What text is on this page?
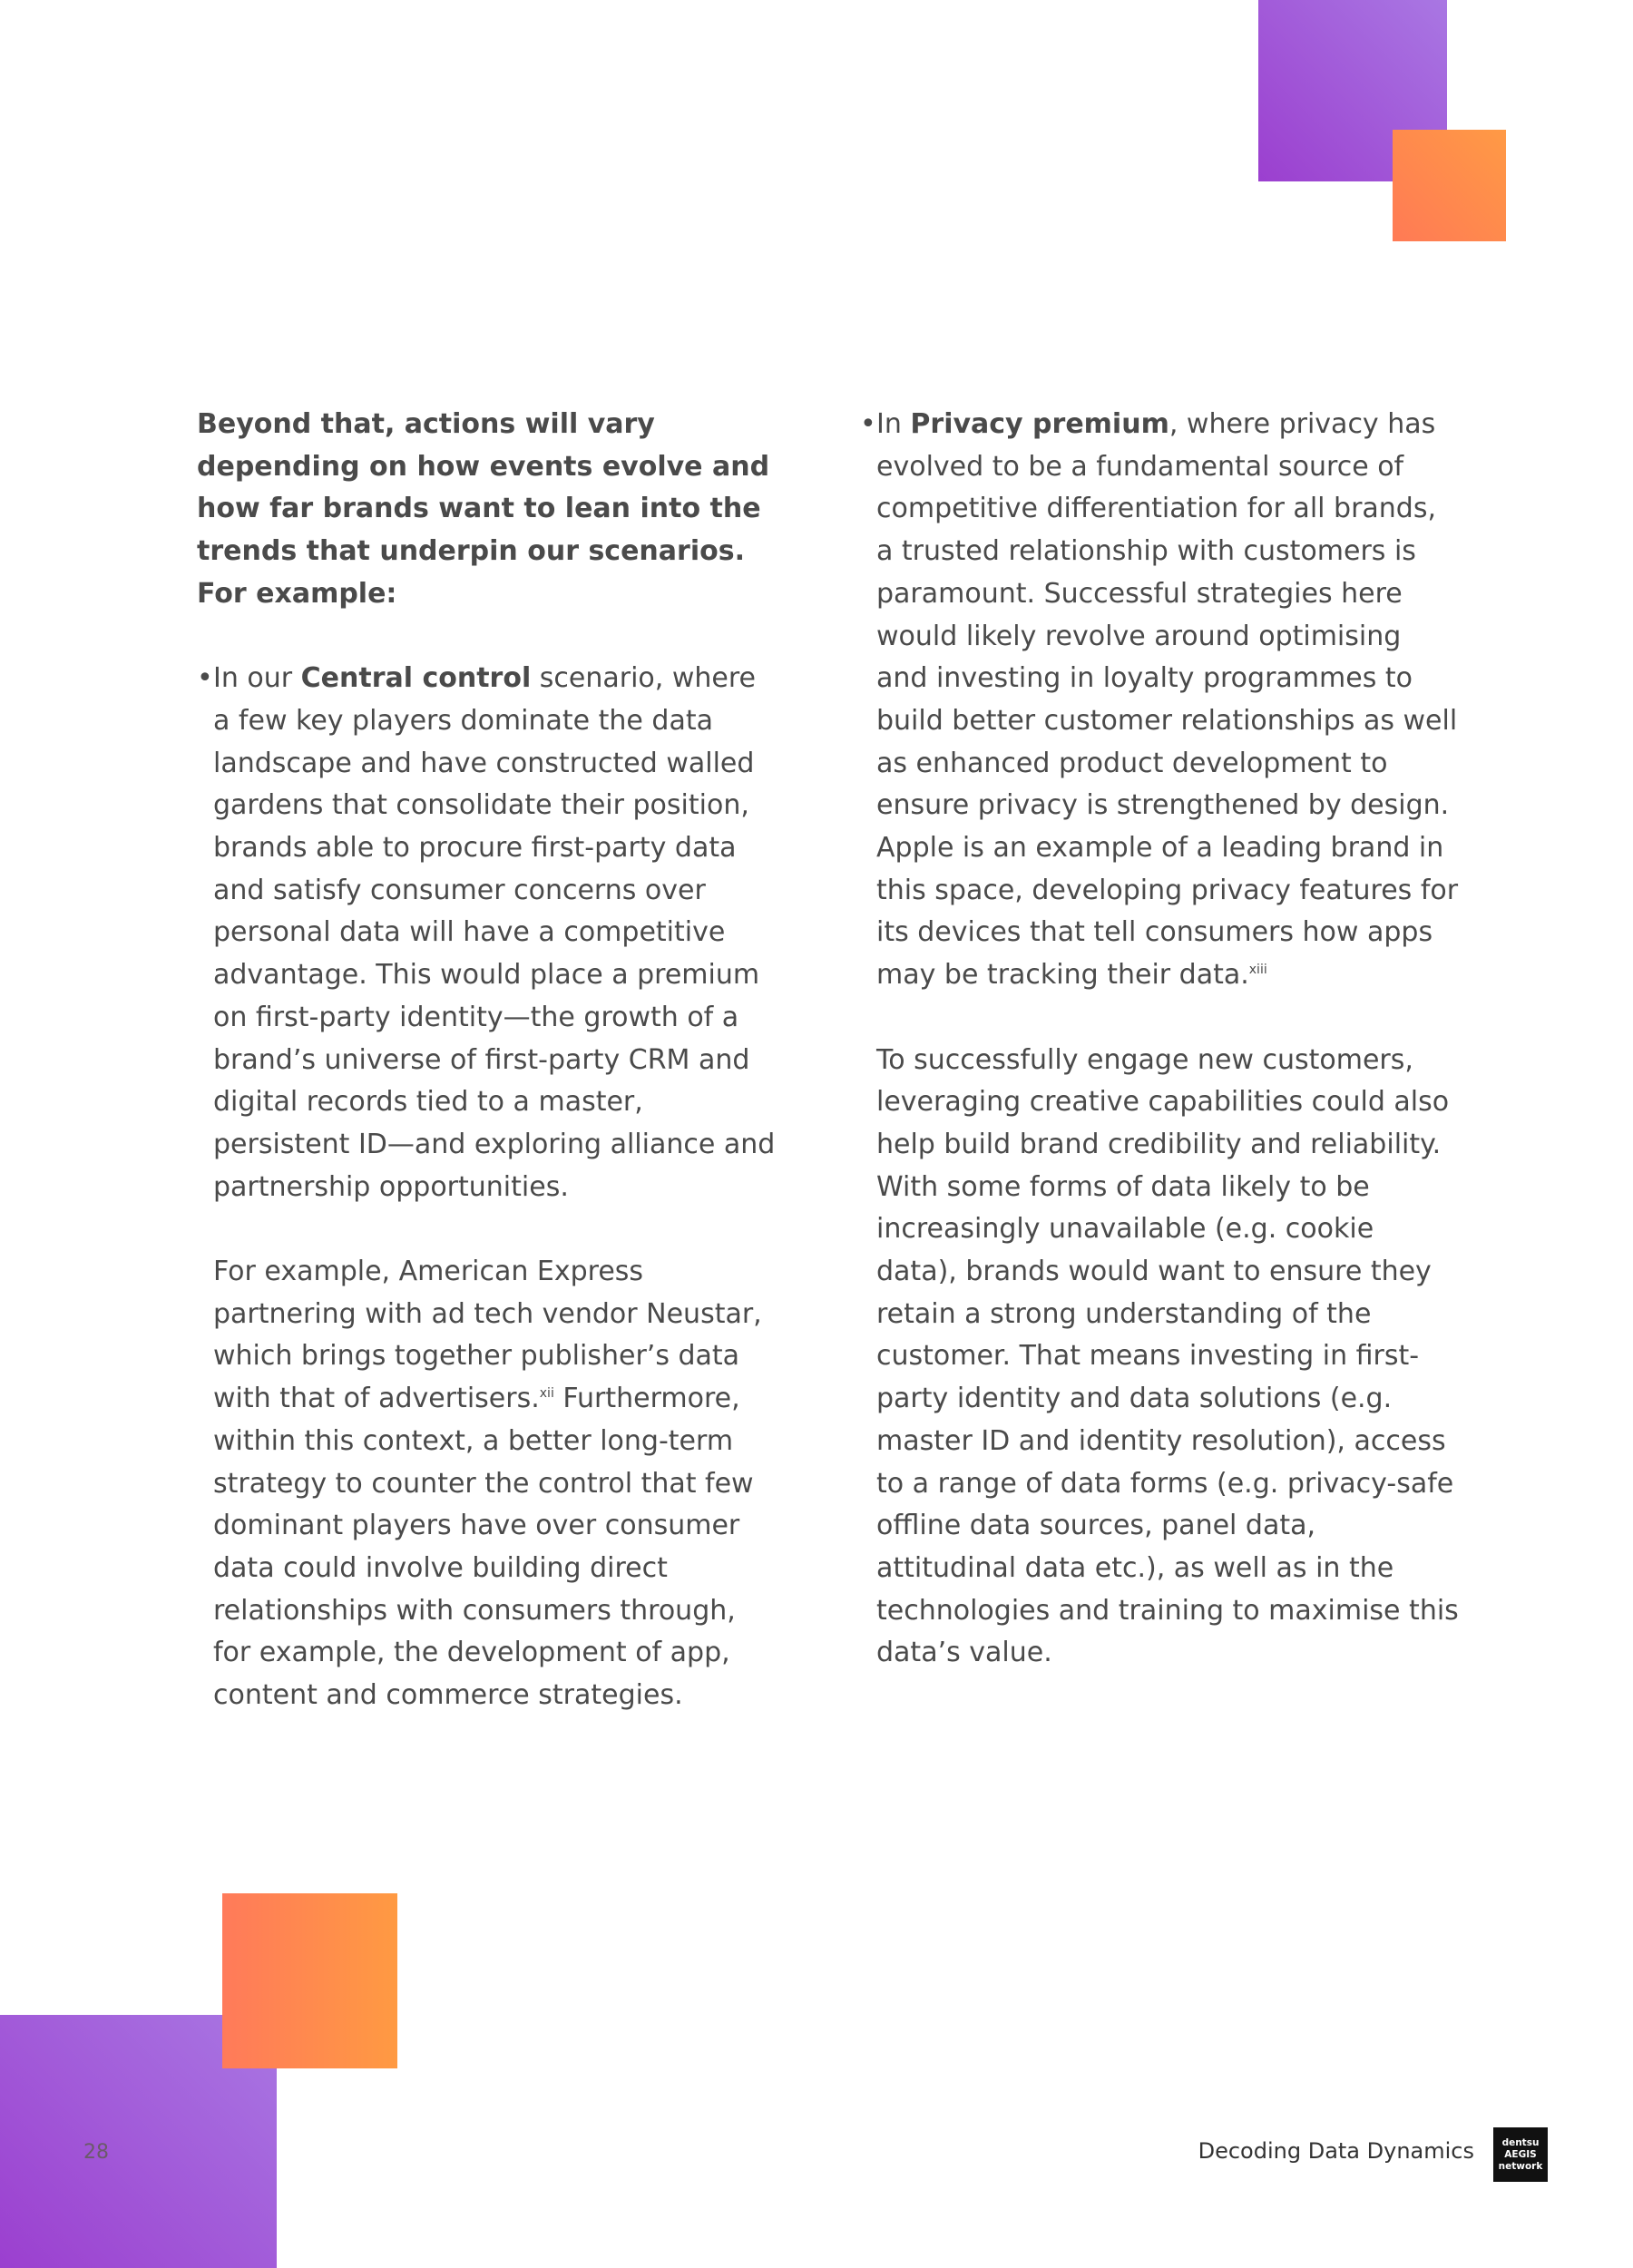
Beyond that, actions will vary depending on how events evolve and how far brands want to lean into the trends that underpin our scenarios. For example:

• In our Central control scenario, where a few key players dominate the data landscape and have constructed walled gardens that consolidate their position, brands able to procure first-party data and satisfy consumer concerns over personal data will have a competitive advantage. This would place a premium on first-party identity—the growth of a brand’s universe of first-party CRM and digital records tied to a master, persistent ID—and exploring alliance and partnership opportunities.

For example, American Express partnering with ad tech vendor Neustar, which brings together publisher’s data with that of advertisers.$^{xii}$ Furthermore, within this context, a better long-term strategy to counter the control that few dominant players have over consumer data could involve building direct relationships with consumers through, for example, the development of app, content and commerce strategies.

• In Privacy premium, where privacy has evolved to be a fundamental source of competitive differentiation for all brands, a trusted relationship with customers is paramount. Successful strategies here would likely revolve around optimising and investing in loyalty programmes to build better customer relationships as well as enhanced product development to ensure privacy is strengthened by design. Apple is an example of a leading brand in this space, developing privacy features for its devices that tell consumers how apps may be tracking their data.$^{xiii}$

To successfully engage new customers, leveraging creative capabilities could also help build brand credibility and reliability. With some forms of data likely to be increasingly unavailable (e.g. cookie data), brands would want to ensure they retain a strong understanding of the customer. That means investing in first-party identity and data solutions (e.g. master ID and identity resolution), access to a range of data forms (e.g. privacy-safe offline data sources, panel data, attitudinal data etc.), as well as in the technologies and training to maximise this data’s value.

28	Decoding Data Dynamics	dentsu
AEGIS
network
